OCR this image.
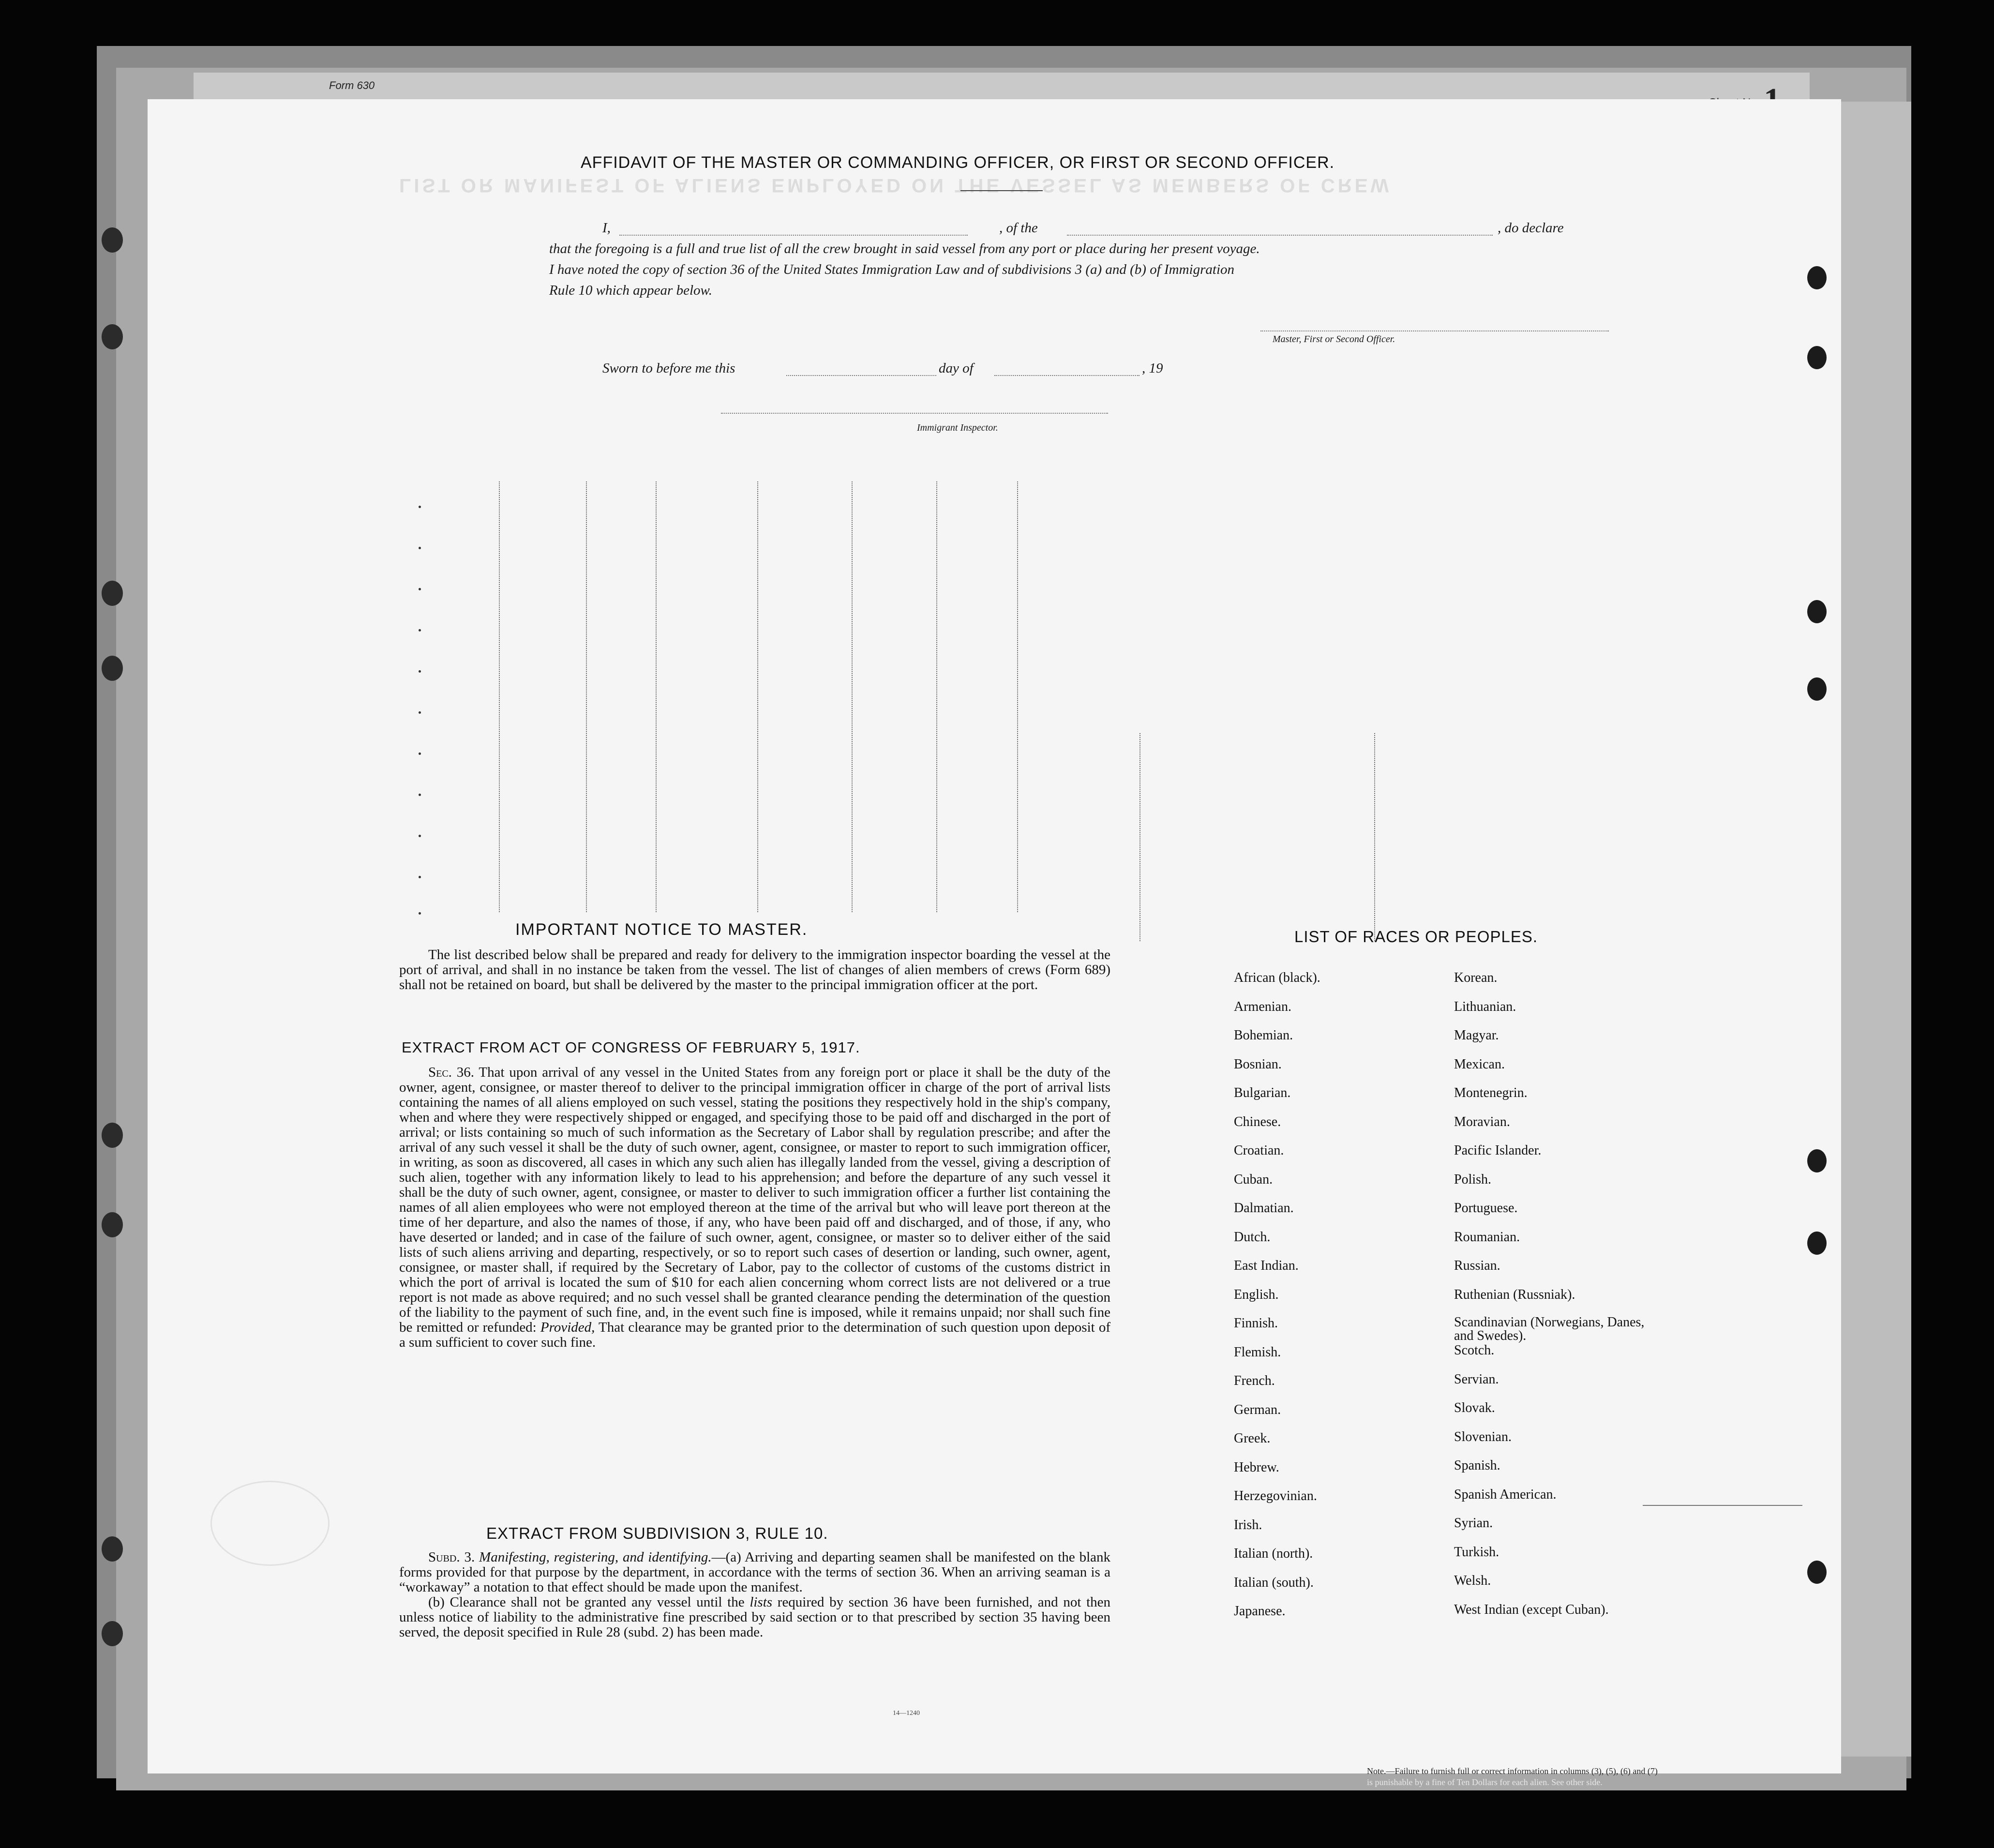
Form 630
LIST OR MANIFEST OF ALIENS EMPLOYED ON THE VESSEL AS MEMBERS OF CREW
AFFIDAVIT OF THE MASTER OR COMMANDING OFFICER, OR FIRST OR SECOND OFFICER.
I,	, of the	, do declare
that the foregoing is a full and true list of all the crew brought in said vessel from any port or place during her present voyage.
I have noted the copy of section 36 of the United States Immigration Law and of subdivisions 3 (a) and (b) of Immigration
Rule 10 which appear below.
Master, First or Second Officer.
Sworn to before me this	day of	, 19
Immigrant Inspector.
IMPORTANT NOTICE TO MASTER.

The list described below shall be prepared and ready for delivery to the immigration inspector boarding the vessel at the port of arrival, and shall in no instance be taken from the vessel. The list of changes of alien members of crews (Form 689) shall not be retained on board, but shall be delivered by the master to the principal immigration officer at the port.

EXTRACT FROM ACT OF CONGRESS OF FEBRUARY 5, 1917.

Sec. 36. That upon arrival of any vessel in the United States from any foreign port or place it shall be the duty of the owner, agent, consignee, or master thereof to deliver to the principal immigration officer in charge of the port of arrival lists containing the names of all aliens employed on such vessel, stating the positions they respectively hold in the ship's company, when and where they were respectively shipped or engaged, and specifying those to be paid off and discharged in the port of arrival; or lists containing so much of such information as the Secretary of Labor shall by regulation prescribe; and after the arrival of any such vessel it shall be the duty of such owner, agent, consignee, or master to report to such immigration officer, in writing, as soon as discovered, all cases in which any such alien has illegally landed from the vessel, giving a description of such alien, together with any information likely to lead to his apprehension; and before the departure of any such vessel it shall be the duty of such owner, agent, consignee, or master to deliver to such immigration officer a further list containing the names of all alien employees who were not employed thereon at the time of the arrival but who will leave port thereon at the time of her departure, and also the names of those, if any, who have been paid off and discharged, and of those, if any, who have deserted or landed; and in case of the failure of such owner, agent, consignee, or master so to deliver either of the said lists of such aliens arriving and departing, respectively, or so to report such cases of desertion or landing, such owner, agent, consignee, or master shall, if required by the Secretary of Labor, pay to the collector of customs of the customs district in which the port of arrival is located the sum of $10 for each alien concerning whom correct lists are not delivered or a true report is not made as above required; and no such vessel shall be granted clearance pending the determination of the question of the liability to the payment of such fine, and, in the event such fine is imposed, while it remains unpaid; nor shall such fine be remitted or refunded: Provided, That clearance may be granted prior to the determination of such question upon deposit of a sum sufficient to cover such fine.

EXTRACT FROM SUBDIVISION 3, RULE 10.

Subd. 3. Manifesting, registering, and identifying.—(a) Arriving and departing seamen shall be manifested on the blank forms provided for that purpose by the department, in accordance with the terms of section 36. When an arriving seaman is a “workaway” a notation to that effect should be made upon the manifest.

(b) Clearance shall not be granted any vessel until the lists required by section 36 have been furnished, and not then unless notice of liability to the administrative fine prescribed by said section or to that prescribed by section 35 having been served, the deposit specified in Rule 28 (subd. 2) has been made.

14—1240
LIST OF RACES OR PEOPLES.
African (black).
Armenian.
Bohemian.
Bosnian.
Bulgarian.
Chinese.
Croatian.
Cuban.
Dalmatian.
Dutch.
East Indian.
English.
Finnish.
Flemish.
French.
German.
Greek.
Hebrew.
Herzegovinian.
Irish.
Italian (north).
Italian (south).
Japanese.
Korean.
Lithuanian.
Magyar.
Mexican.
Montenegrin.
Moravian.
Pacific Islander.
Polish.
Portuguese.
Roumanian.
Russian.
Ruthenian (Russniak).
Scandinavian (Norwegians, Danes, and Swedes).
Scotch.
Servian.
Slovak.
Slovenian.
Spanish.
Spanish American.
Syrian.
Turkish.
Welsh.
West Indian (except Cuban).
Note.—Failure to furnish full or correct information in columns (3), (5), (6) and (7)
is punishable by a fine of Ten Dollars for each alien. See other side.
